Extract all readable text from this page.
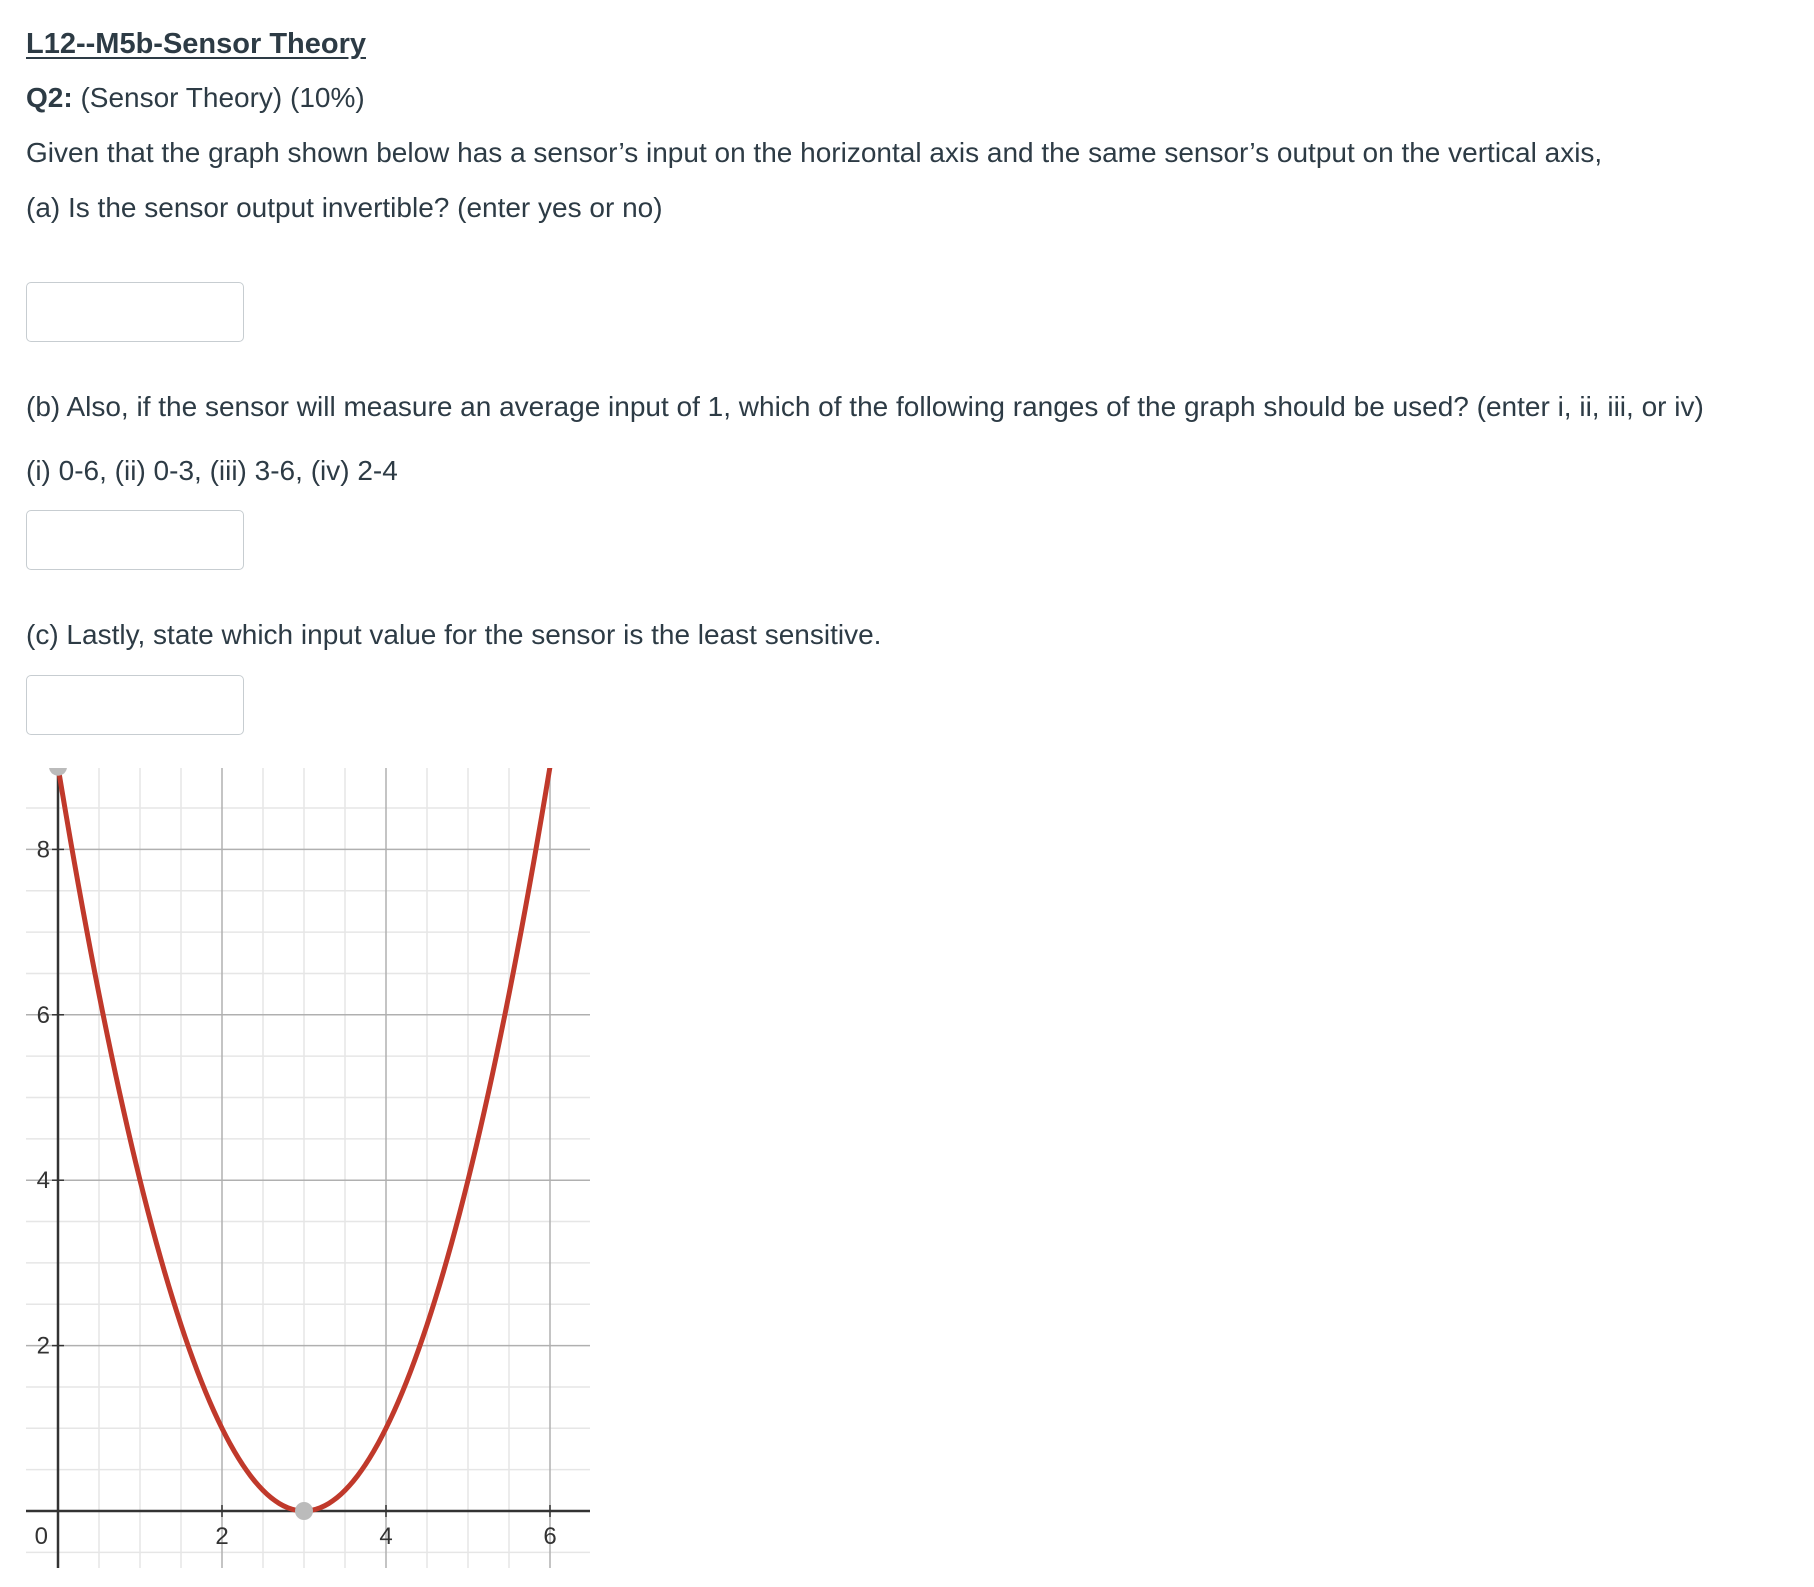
L12--M5b-Sensor Theory
Q2: (Sensor Theory) (10%)
Given that the graph shown below has a sensor’s input on the horizontal axis and the same sensor’s output on the vertical axis,
(a) Is the sensor output invertible? (enter yes or no)
(b) Also, if the sensor will measure an average input of 1, which of the following ranges of the graph should be used? (enter i, ii, iii, or iv)
(i) 0-6, (ii) 0-3, (iii) 3-6, (iv) 2-4
(c) Lastly, state which input value for the sensor is the least sensitive.
2
4
6
8
2	4	6
0
